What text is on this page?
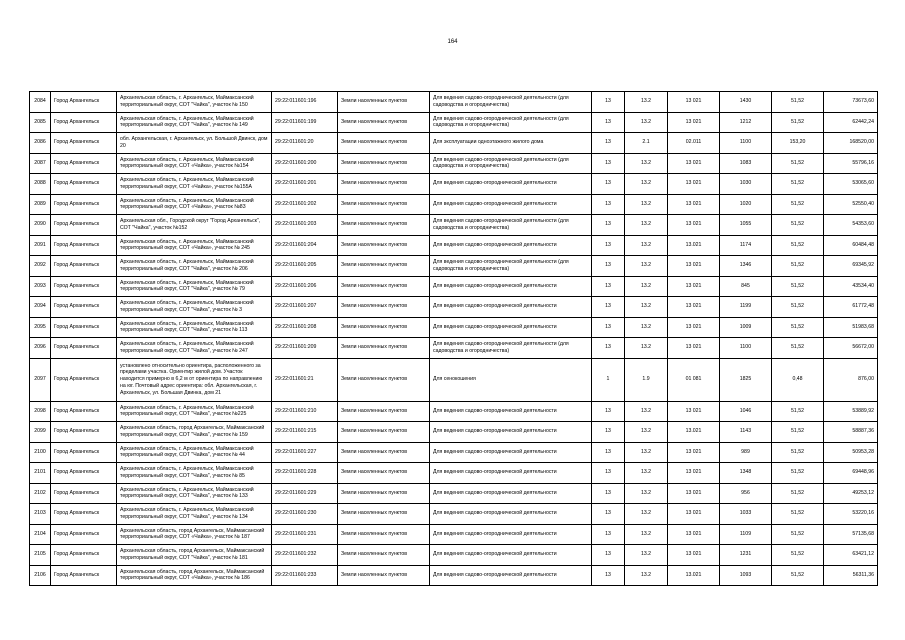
164
2084	Город Архангельск	Архангельская область, г. Архангельск, Маймаксанский территориальный округ, СОТ "Чайка", участок № 150	29:22:011601:196	Земли населенных пунктов	Для ведения садово-огороднической деятельности (для садоводства и огородничества)	13	13.2	13 021	1430	51,52	73673,60
2085	Город Архангельск	Архангельская область, г. Архангельск, Маймаксанский территориальный округ, СОТ "Чайка", участок № 149	29:22:011601:199	Земли населенных пунктов	Для ведения садово-огороднической деятельности (для садоводства и огородничества)	13	13.2	13 021	1212	51,52	62442,24
2086	Город Архангельск	обл. Архангельская, г. Архангельск, ул. Большой Двинск, дом 20	29:22:011601:20	Земли населенных пунктов	Для эксплуатации одноэтажного жилого дома	13	2.1	02.011	1100	153,20	168520,00
2087	Город Архангельск	Архангельская область, г. Архангельск, Маймаксанский территориальный округ, СОТ «Чайка», участок №154	29:22:011601:200	Земли населенных пунктов	Для ведения садово-огороднической деятельности (для садоводства и огородничества)	13	13.2	13 021	1083	51,52	55796,16
2088	Город Архангельск	Архангельская область, г. Архангельск, Маймаксанский территориальный округ, СОТ «Чайка», участок №155А	29:22:011601:201	Земли населенных пунктов	Для ведения садово-огороднической деятельности	13	13.2	13 021	1030	51,52	53065,60
2089	Город Архангельск	Архангельская область, г. Архангельск, Маймаксанский территориальный округ, СОТ «Чайка», участок №83	29:22:011601:202	Земли населенных пунктов	Для ведения садово-огороднической деятельности	13	13.2	13 021	1020	51,52	52550,40
2090	Город Архангельск	Архангельская обл., Городской округ "Город Архангельск", СОТ "Чайка", участок №152	29:22:011601:203	Земли населенных пунктов	Для ведения садово-огороднической деятельности (для садоводства и огородничества)	13	13.2	13 021	1055	51,52	54353,60
2091	Город Архангельск	Архангельская область, г. Архангельск, Маймаксанский территориальный округ, СОТ «Чайка», участок № 245	29:22:011601:204	Земли населенных пунктов	Для ведения садово-огороднической деятельности	13	13.2	13.021	1174	51,52	60484,48
2092	Город Архангельск	Архангельская область, г. Архангельск, Маймаксанский территориальный округ, СОТ "Чайка", участок № 206	29:22:011601:205	Земли населенных пунктов	Для ведения садово-огороднической деятельности (для садоводства и огородничества)	13	13.2	13 021	1346	51,52	69345,92
2093	Город Архангельск	Архангельская область, г. Архангельск, Маймаксанский территориальный округ, СОТ "Чайка", участок № 79	29:22:011601:206	Земли населенных пунктов	Для ведения садово-огороднической деятельности	13	13.2	13 021	845	51,52	43534,40
2094	Город Архангельск	Архангельская область, г. Архангельск, Маймаксанский территориальный округ, СОТ "Чайка", участок № 3	29:22:011601:207	Земли населенных пунктов	Для ведения садово-огороднической деятельности	13	13.2	13 021	1199	51,52	61772,48
2095	Город Архангельск	Архангельская область, г. Архангельск, Маймаксанский территориальный округ, СОТ "Чайка", участок № 113	29:22:011601:208	Земли населенных пунктов	Для ведения садово-огороднической деятельности	13	13.2	13 021	1009	51,52	51983,68
2096	Город Архангельск	Архангельская область, г. Архангельск, Маймаксанский территориальный округ, СОТ "Чайка", участок № 247	29:22:011601:209	Земли населенных пунктов	Для ведения садово-огороднической деятельности (для садоводства и огородничества)	13	13.2	13 021	1100	51,52	56672,00
2097	Город Архангельск	установлено относительно ориентира, расположенного за пределами участка. Ориентир жилой дом. Участок находится примерно в 6,2 м от ориентира по направлению на юг. Почтовый адрес ориентира: обл. Архангельская, г. Архангельск, ул. Большая Двинка, дом 21	29:22:011601:21	Земли населенных пунктов	Для сенокошения	1	1.9	01 081	1825	0,48	876,00
2098	Город Архангельск	Архангельская область, г. Архангельск, Маймаксанский территориальный округ, СОТ "Чайка", участок №225	29:22:011601:210	Земли населенных пунктов	Для ведения садово-огороднической деятельности	13	13.2	13 021	1046	51,52	53889,92
2099	Город Архангельск	Архангельская область, город Архангельск, Маймаксанский территориальный округ, СОТ "Чайка", участок № 159	29:22:011601:215	Земли населенных пунктов	Для ведения садово-огороднической деятельности	13	13.2	13.021	1143	51,52	58887,36
2100	Город Архангельск	Архангельская область, г. Архангельск, Маймаксанский территориальный округ, СОТ "Чайка", участок № 44	29:22:011601:227	Земли населенных пунктов	Для ведения садово-огороднической деятельности	13	13.2	13 021	989	51,52	50953,28
2101	Город Архангельск	Архангельская область, г. Архангельск, Маймаксанский территориальный округ, СОТ "Чайка", участок № 85	29:22:011601:228	Земли населенных пунктов	Для ведения садово-огороднической деятельности	13	13.2	13 021	1348	51,52	69448,96
2102	Город Архангельск	Архангельская область, г. Архангельск, Маймаксанский территориальный округ, СОТ "Чайка", участок № 133	29:22:011601:229	Земли населенных пунктов	Для ведения садово-огороднической деятельности	13	13.2	13 021	956	51,52	49253,12
2103	Город Архангельск	Архангельская область, г. Архангельск, Маймаксанский территориальный округ, СОТ "Чайка", участок № 134	29:22:011601:230	Земли населенных пунктов	Для ведения садово-огороднической деятельности	13	13.2	13 021	1033	51,52	53220,16
2104	Город Архангельск	Архангельская область, город Архангельск, Маймаксанский территориальный округ, СОТ «Чайка», участок № 187	29:22:011601:231	Земли населенных пунктов	Для ведения садово-огороднической деятельности	13	13.2	13 021	1109	51,52	57135,68
2105	Город Архангельск	Архангельская область, город Архангельск, Маймаксанский территориальный округ, СОТ "Чайка", участок № 181	29:22:011601:232	Земли населенных пунктов	Для ведения садово-огороднической деятельности	13	13.2	13 021	1231	51,52	63421,12
2106	Город Архангельск	Архангельская область, город Архангельск, Маймаксанский территориальный округ, СОТ «Чайка», участок № 186	29:22:011601:233	Земли населенных пунктов	Для ведения садово-огороднической деятельности	13	13.2	13.021	1093	51,52	56311,36
